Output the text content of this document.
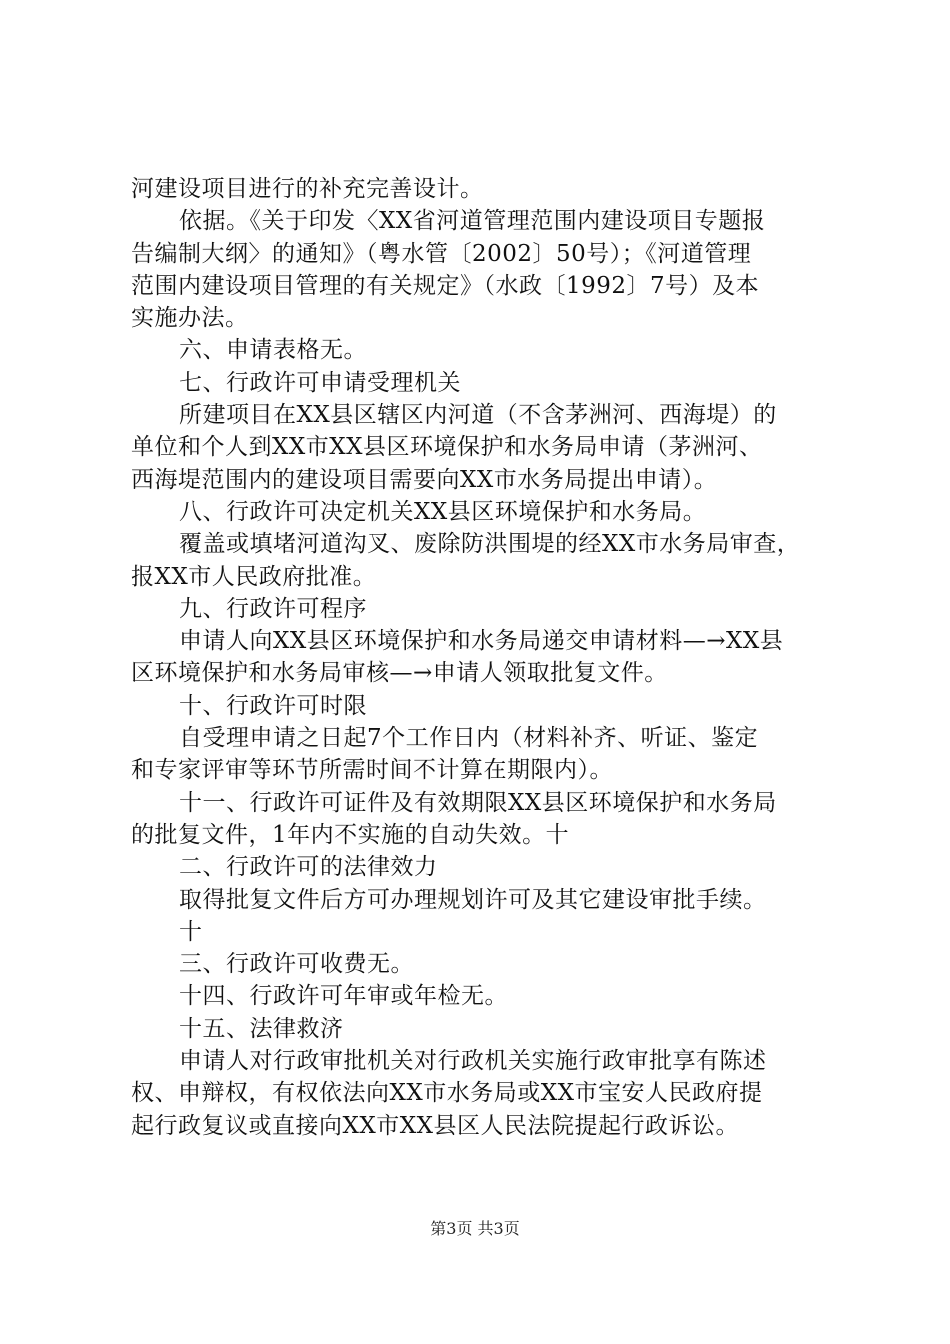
河建设项目进行的补充完善设计。
依据。《关于印发〈XX省河道管理范围内建设项目专题报
告编制大纲〉的通知》（粤水管〔2002〕50号）；《河道管理
范围内建设项目管理的有关规定》（水政〔1992〕7号）及本
实施办法。
六、申请表格无。
七、行政许可申请受理机关
所建项目在XX县区辖区内河道（不含茅洲河、西海堤）的
单位和个人到XX市XX县区环境保护和水务局申请（茅洲河、
西海堤范围内的建设项目需要向XX市水务局提出申请）。
八、行政许可决定机关XX县区环境保护和水务局。
覆盖或填堵河道沟叉、废除防洪围堤的经XX市水务局审查，
报XX市人民政府批准。
九、行政许可程序
申请人向XX县区环境保护和水务局递交申请材料—→XX县
区环境保护和水务局审核—→申请人领取批复文件。
十、行政许可时限
自受理申请之日起7个工作日内（材料补齐、听证、鉴定
和专家评审等环节所需时间不计算在期限内）。
十一、行政许可证件及有效期限XX县区环境保护和水务局
的批复文件，1年内不实施的自动失效。十
二、行政许可的法律效力
取得批复文件后方可办理规划许可及其它建设审批手续。
十
三、行政许可收费无。
十四、行政许可年审或年检无。
十五、法律救济
申请人对行政审批机关对行政机关实施行政审批享有陈述
权、申辩权，有权依法向XX市水务局或XX市宝安人民政府提
起行政复议或直接向XX市XX县区人民法院提起行政诉讼。
第3页 共3页
